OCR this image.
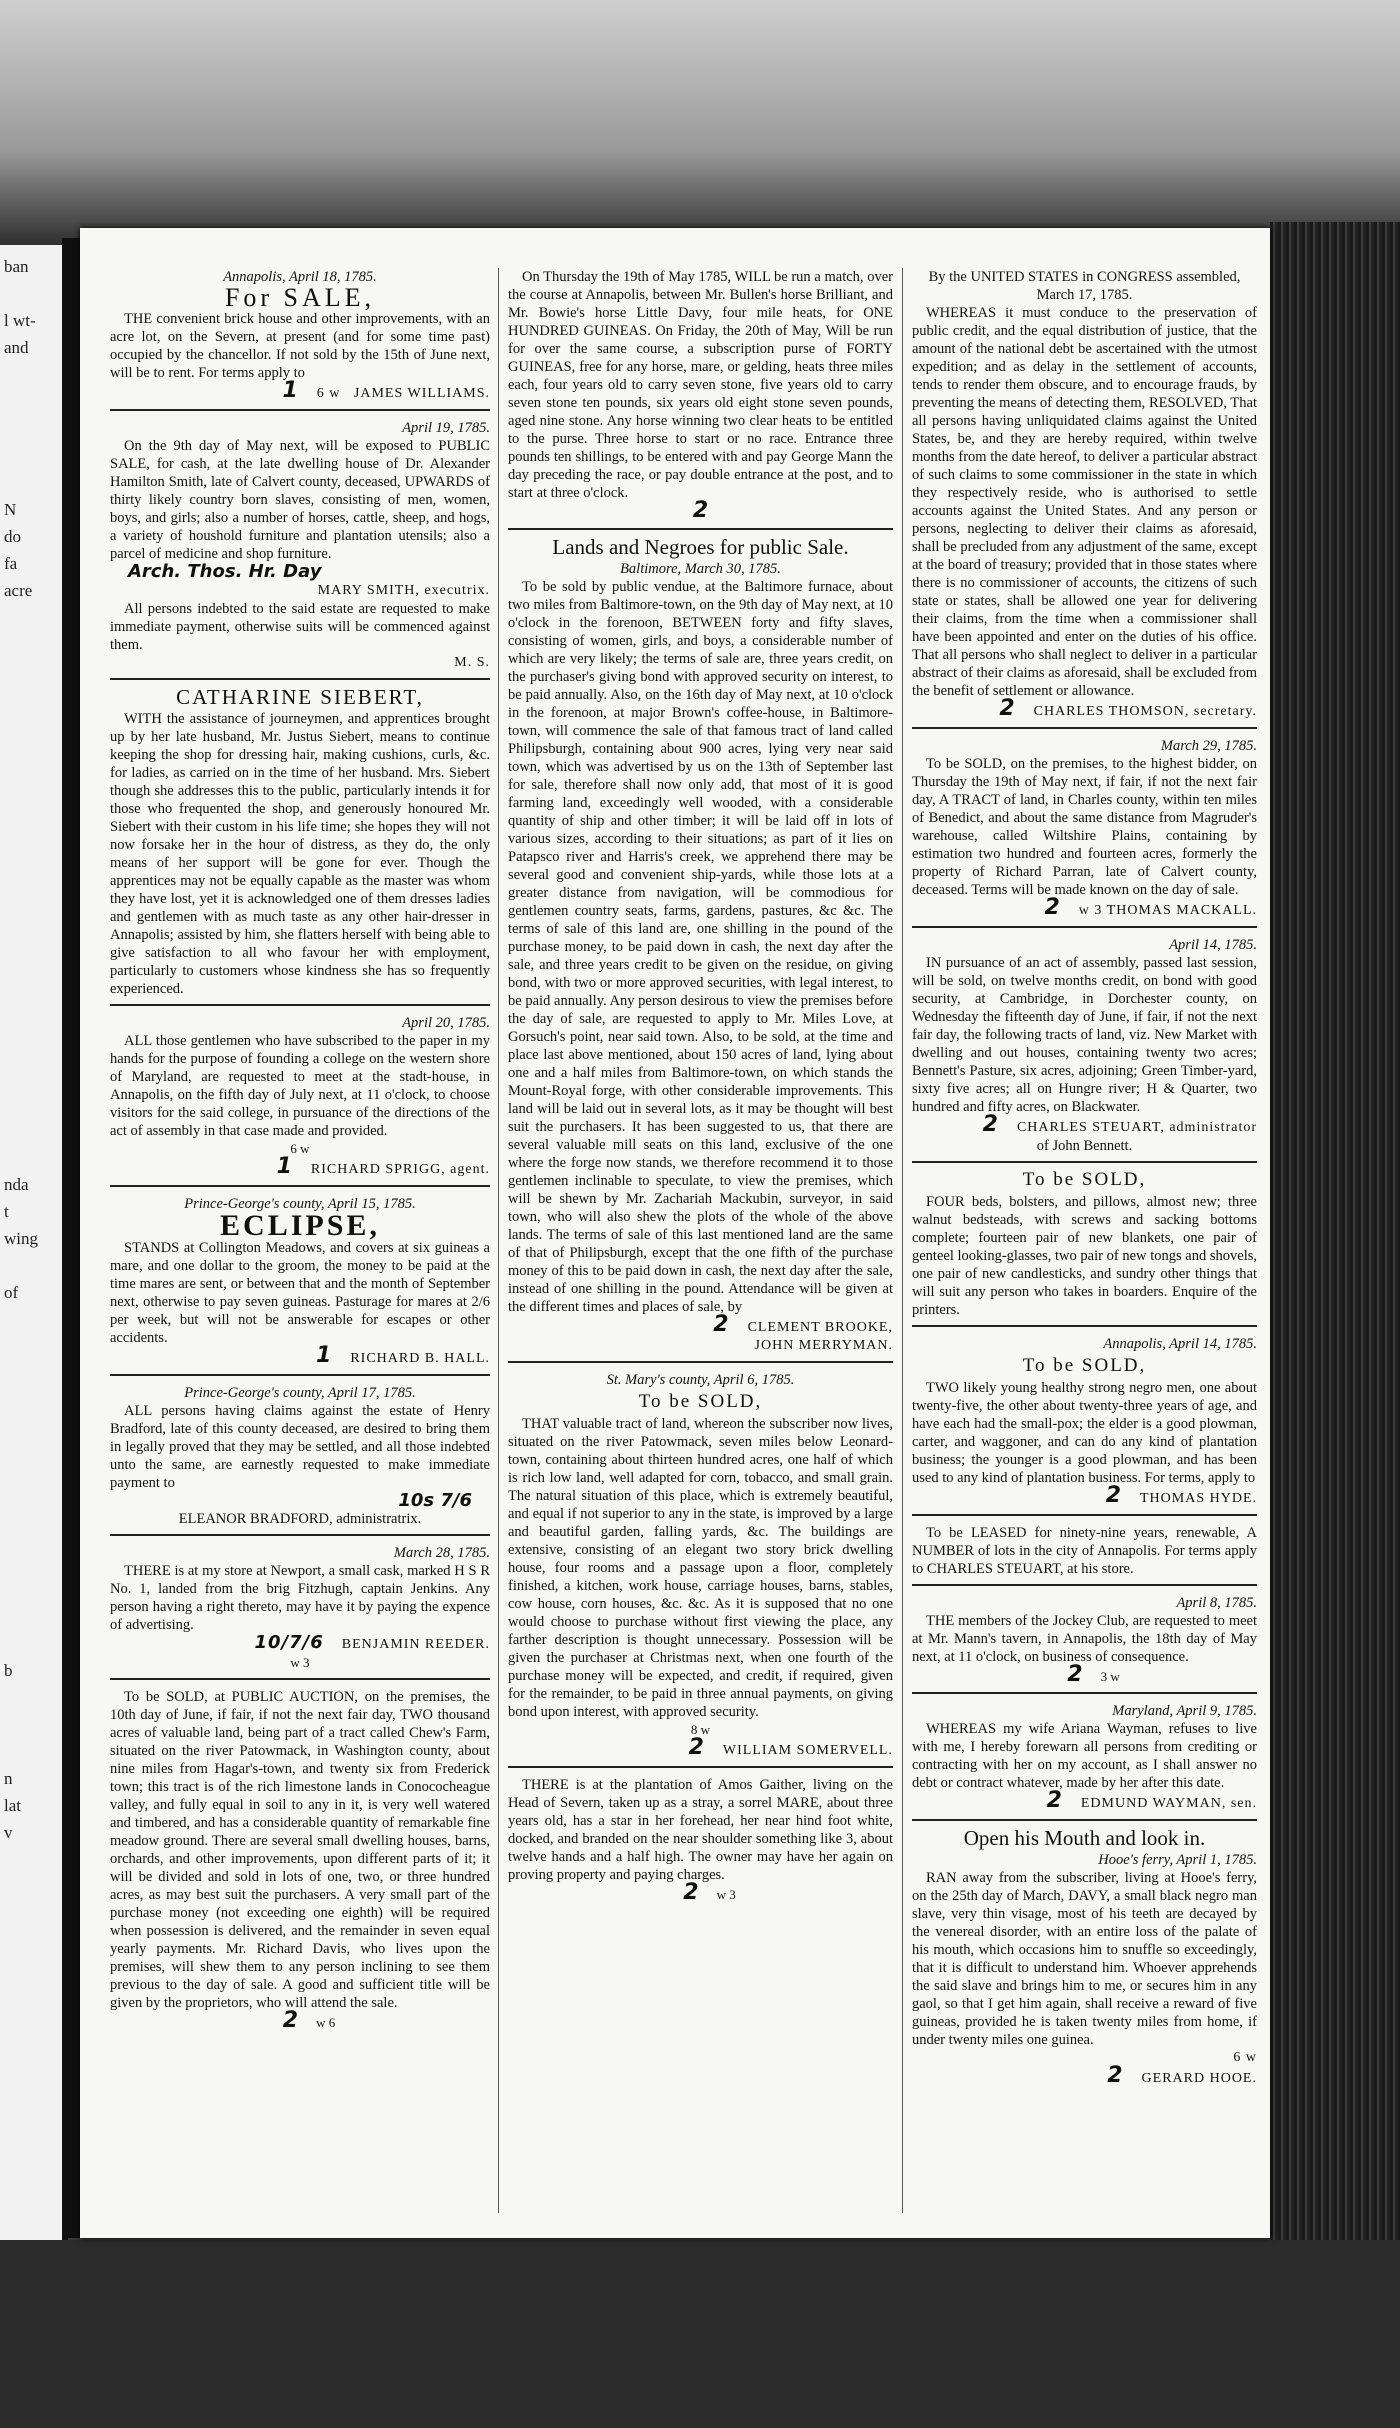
ban

l wt-
and

N
do
fa
acre

nda
t
wing

of

b

n
lat
v
Annapolis, April 18, 1785.
For SALE,

THE convenient brick house and other improvements, with an acre lot, on the Severn, at present (and for some time past) occupied by the chancellor. If not sold by the 15th of June next, will be to rent. For terms apply to

1 6 w JAMES WILLIAMS.
April 19, 1785.

On the 9th day of May next, will be exposed to PUBLIC SALE, for cash, at the late dwelling house of Dr. Alexander Hamilton Smith, late of Calvert county, deceased, UPWARDS of thirty likely country born slaves, consisting of men, women, boys, and girls; also a number of horses, cattle, sheep, and hogs, a variety of houshold furniture and plantation utensils; also a parcel of medicine and shop furniture.

Arch. Thos. Hr. Day
MARY SMITH, executrix.

All persons indebted to the said estate are requested to make immediate payment, otherwise suits will be commenced against them.

M. S.
CATHARINE SIEBERT,

WITH the assistance of journeymen, and apprentices brought up by her late husband, Mr. Justus Siebert, means to continue keeping the shop for dressing hair, making cushions, curls, &c. for ladies, as carried on in the time of her husband. Mrs. Siebert though she addresses this to the public, particularly intends it for those who frequented the shop, and generously honoured Mr. Siebert with their custom in his life time; she hopes they will not now forsake her in the hour of distress, as they do, the only means of her support will be gone for ever. Though the apprentices may not be equally capable as the master was whom they have lost, yet it is acknowledged one of them dresses ladies and gentlemen with as much taste as any other hair-dresser in Annapolis; assisted by him, she flatters herself with being able to give satisfaction to all who favour her with employment, particularly to customers whose kindness she has so frequently experienced.

April 20, 1785.

ALL those gentlemen who have subscribed to the paper in my hands for the purpose of founding a college on the western shore of Maryland, are requested to meet at the stadt-house, in Annapolis, on the fifth day of July next, at 11 o'clock, to choose visitors for the said college, in pursuance of the directions of the act of assembly in that case made and provided.

6 w
1 RICHARD SPRIGG, agent.
Prince-George's county, April 15, 1785.
ECLIPSE,

STANDS at Collington Meadows, and covers at six guineas a mare, and one dollar to the groom, the money to be paid at the time mares are sent, or between that and the month of September next, otherwise to pay seven guineas. Pasturage for mares at 2/6 per week, but will not be answerable for escapes or other accidents.

1 RICHARD B. HALL.
Prince-George's county, April 17, 1785.

ALL persons having claims against the estate of Henry Bradford, late of this county deceased, are desired to bring them in legally proved that they may be settled, and all those indebted unto the same, are earnestly requested to make immediate payment to

10s 7/6
ELEANOR BRADFORD, administratrix.
March 28, 1785.

THERE is at my store at Newport, a small cask, marked H S R No. 1, landed from the brig Fitzhugh, captain Jenkins. Any person having a right thereto, may have it by paying the expence of advertising.

10/7/6 BENJAMIN REEDER.
w 3

To be SOLD, at PUBLIC AUCTION, on the premises, the 10th day of June, if fair, if not the next fair day, TWO thousand acres of valuable land, being part of a tract called Chew's Farm, situated on the river Patowmack, in Washington county, about nine miles from Hagar's-town, and twenty six from Frederick town; this tract is of the rich limestone lands in Conococheague valley, and fully equal in soil to any in it, is very well watered and timbered, and has a considerable quantity of remarkable fine meadow ground. There are several small dwelling houses, barns, orchards, and other improvements, upon different parts of it; it will be divided and sold in lots of one, two, or three hundred acres, as may best suit the purchasers. A very small part of the purchase money (not exceeding one eighth) will be required when possession is delivered, and the remainder in seven equal yearly payments. Mr. Richard Davis, who lives upon the premises, will shew them to any person inclining to see them previous to the day of sale. A good and sufficient title will be given by the proprietors, who will attend the sale.

2 w 6

On Thursday the 19th of May 1785, WILL be run a match, over the course at Annapolis, between Mr. Bullen's horse Brilliant, and Mr. Bowie's horse Little Davy, four mile heats, for ONE HUNDRED GUINEAS. On Friday, the 20th of May, Will be run for over the same course, a subscription purse of FORTY GUINEAS, free for any horse, mare, or gelding, heats three miles each, four years old to carry seven stone, five years old to carry seven stone ten pounds, six years old eight stone seven pounds, aged nine stone. Any horse winning two clear heats to be entitled to the purse. Three horse to start or no race. Entrance three pounds ten shillings, to be entered with and pay George Mann the day preceding the race, or pay double entrance at the post, and to start at three o'clock.

2
Lands and Negroes for public Sale.
Baltimore, March 30, 1785.

To be sold by public vendue, at the Baltimore furnace, about two miles from Baltimore-town, on the 9th day of May next, at 10 o'clock in the forenoon, BETWEEN forty and fifty slaves, consisting of women, girls, and boys, a considerable number of which are very likely; the terms of sale are, three years credit, on the purchaser's giving bond with approved security on interest, to be paid annually. Also, on the 16th day of May next, at 10 o'clock in the forenoon, at major Brown's coffee-house, in Baltimore-town, will commence the sale of that famous tract of land called Philipsburgh, containing about 900 acres, lying very near said town, which was advertised by us on the 13th of September last for sale, therefore shall now only add, that most of it is good farming land, exceedingly well wooded, with a considerable quantity of ship and other timber; it will be laid off in lots of various sizes, according to their situations; as part of it lies on Patapsco river and Harris's creek, we apprehend there may be several good and convenient ship-yards, while those lots at a greater distance from navigation, will be commodious for gentlemen country seats, farms, gardens, pastures, &c &c. The terms of sale of this land are, one shilling in the pound of the purchase money, to be paid down in cash, the next day after the sale, and three years credit to be given on the residue, on giving bond, with two or more approved securities, with legal interest, to be paid annually. Any person desirous to view the premises before the day of sale, are requested to apply to Mr. Miles Love, at Gorsuch's point, near said town. Also, to be sold, at the time and place last above mentioned, about 150 acres of land, lying about one and a half miles from Baltimore-town, on which stands the Mount-Royal forge, with other considerable improvements. This land will be laid out in several lots, as it may be thought will best suit the purchasers. It has been suggested to us, that there are several valuable mill seats on this land, exclusive of the one where the forge now stands, we therefore recommend it to those gentlemen inclinable to speculate, to view the premises, which will be shewn by Mr. Zachariah Mackubin, surveyor, in said town, who will also shew the plots of the whole of the above lands. The terms of sale of this last mentioned land are the same of that of Philipsburgh, except that the one fifth of the purchase money of this to be paid down in cash, the next day after the sale, instead of one shilling in the pound. Attendance will be given at the different times and places of sale, by

2 CLEMENT BROOKE,
JOHN MERRYMAN.
St. Mary's county, April 6, 1785.
To be SOLD,

THAT valuable tract of land, whereon the subscriber now lives, situated on the river Patowmack, seven miles below Leonard-town, containing about thirteen hundred acres, one half of which is rich low land, well adapted for corn, tobacco, and small grain. The natural situation of this place, which is extremely beautiful, and equal if not superior to any in the state, is improved by a large and beautiful garden, falling yards, &c. The buildings are extensive, consisting of an elegant two story brick dwelling house, four rooms and a passage upon a floor, completely finished, a kitchen, work house, carriage houses, barns, stables, cow house, corn houses, &c. &c. As it is supposed that no one would choose to purchase without first viewing the place, any farther description is thought unnecessary. Possession will be given the purchaser at Christmas next, when one fourth of the purchase money will be expected, and credit, if required, given for the remainder, to be paid in three annual payments, on giving bond upon interest, with approved security.

8 w
2 WILLIAM SOMERVELL.

THERE is at the plantation of Amos Gaither, living on the Head of Severn, taken up as a stray, a sorrel MARE, about three years old, has a star in her forehead, her near hind foot white, docked, and branded on the near shoulder something like 3, about twelve hands and a half high. The owner may have her again on proving property and paying charges.

2 w 3
By the UNITED STATES in CONGRESS assembled, March 17, 1785.

WHEREAS it must conduce to the preservation of public credit, and the equal distribution of justice, that the amount of the national debt be ascertained with the utmost expedition; and as delay in the settlement of accounts, tends to render them obscure, and to encourage frauds, by preventing the means of detecting them, RESOLVED, That all persons having unliquidated claims against the United States, be, and they are hereby required, within twelve months from the date hereof, to deliver a particular abstract of such claims to some commissioner in the state in which they respectively reside, who is authorised to settle accounts against the United States. And any person or persons, neglecting to deliver their claims as aforesaid, shall be precluded from any adjustment of the same, except at the board of treasury; provided that in those states where there is no commissioner of accounts, the citizens of such state or states, shall be allowed one year for delivering their claims, from the time when a commissioner shall have been appointed and enter on the duties of his office. That all persons who shall neglect to deliver in a particular abstract of their claims as aforesaid, shall be excluded from the benefit of settlement or allowance.

2 CHARLES THOMSON, secretary.
March 29, 1785.

To be SOLD, on the premises, to the highest bidder, on Thursday the 19th of May next, if fair, if not the next fair day, A TRACT of land, in Charles county, within ten miles of Benedict, and about the same distance from Magruder's warehouse, called Wiltshire Plains, containing by estimation two hundred and fourteen acres, formerly the property of Richard Parran, late of Calvert county, deceased. Terms will be made known on the day of sale.

2 w 3 THOMAS MACKALL.
April 14, 1785.

IN pursuance of an act of assembly, passed last session, will be sold, on twelve months credit, on bond with good security, at Cambridge, in Dorchester county, on Wednesday the fifteenth day of June, if fair, if not the next fair day, the following tracts of land, viz. New Market with dwelling and out houses, containing twenty two acres; Bennett's Pasture, six acres, adjoining; Green Timber-yard, sixty five acres; all on Hungre river; H & Quarter, two hundred and fifty acres, on Blackwater.

2 CHARLES STEUART, administrator
of John Bennett.
To be SOLD,

FOUR beds, bolsters, and pillows, almost new; three walnut bedsteads, with screws and sacking bottoms complete; fourteen pair of new blankets, one pair of genteel looking-glasses, two pair of new tongs and shovels, one pair of new candlesticks, and sundry other things that will suit any person who takes in boarders. Enquire of the printers.

Annapolis, April 14, 1785.
To be SOLD,

TWO likely young healthy strong negro men, one about twenty-five, the other about twenty-three years of age, and have each had the small-pox; the elder is a good plowman, carter, and waggoner, and can do any kind of plantation business; the younger is a good plowman, and has been used to any kind of plantation business. For terms, apply to

2 THOMAS HYDE.

To be LEASED for ninety-nine years, renewable, A NUMBER of lots in the city of Annapolis. For terms apply to CHARLES STEUART, at his store.

April 8, 1785.

THE members of the Jockey Club, are requested to meet at Mr. Mann's tavern, in Annapolis, the 18th day of May next, at 11 o'clock, on business of consequence.

2 3 w
Maryland, April 9, 1785.

WHEREAS my wife Ariana Wayman, refuses to live with me, I hereby forewarn all persons from crediting or contracting with her on my account, as I shall answer no debt or contract whatever, made by her after this date.

2 EDMUND WAYMAN, sen.
Open his Mouth and look in.
Hooe's ferry, April 1, 1785.

RAN away from the subscriber, living at Hooe's ferry, on the 25th day of March, DAVY, a small black negro man slave, very thin visage, most of his teeth are decayed by the venereal disorder, with an entire loss of the palate of his mouth, which occasions him to snuffle so exceedingly, that it is difficult to understand him. Whoever apprehends the said slave and brings him to me, or secures him in any gaol, so that I get him again, shall receive a reward of five guineas, provided he is taken twenty miles from home, if under twenty miles one guinea.

6 w
2 GERARD HOOE.
